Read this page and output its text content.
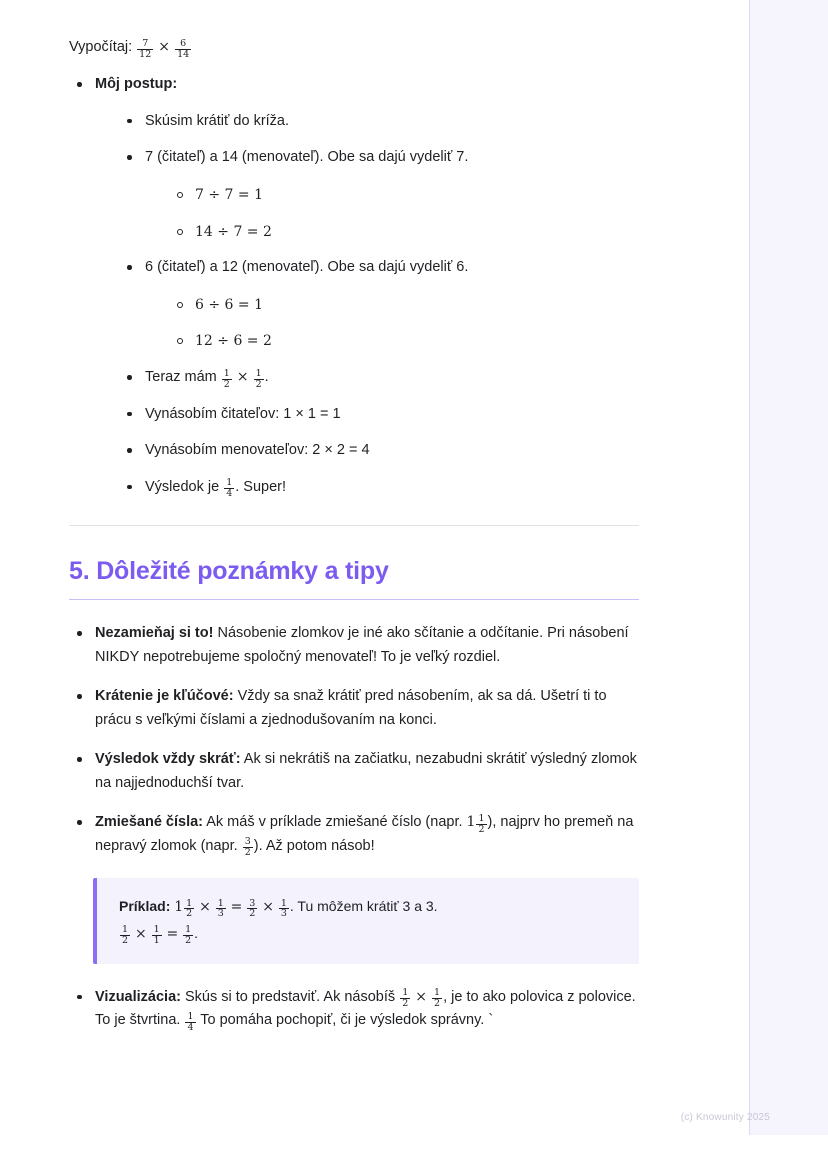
Vypočítaj: $\frac{7}{12} \times \frac{6}{14}$

Môj postup:
Skúsim krátiť do kríža.
7 (čitateľ) a 14 (menovateľ). Obe sa dajú vydeliť 7.
7 ÷ 7 = 1
14 ÷ 7 = 2
6 (čitateľ) a 12 (menovateľ). Obe sa dajú vydeliť 6.
6 ÷ 6 = 1
12 ÷ 6 = 2
Teraz mám $\frac{1}{2} \times \frac{1}{2}$ .
Vynásobím čitateľov: 1 × 1 = 1
Vynásobím menovateľov: 2 × 2 = 4
Výsledok je $\frac{1}{4}$ . Super!
5. Dôležité poznámky a tipy
Nezamieňaj si to! Násobenie zlomkov je iné ako sčítanie a odčítanie. Pri násobení NIKDY nepotrebujeme spoločný menovateľ! To je veľký rozdiel.
Krátenie je kľúčové: Vždy sa snaž krátiť pred násobením, ak sa dá. Ušetrí ti to prácu s veľkými číslami a zjednodušovaním na konci.
Výsledok vždy skráť: Ak si nekrátiš na začiatku, nezabudni skrátiť výsledný zlomok na najjednoduchší tvar.
Zmiešané čísla: Ak máš v príklade zmiešané číslo (napr. $1 \frac{1}{2}$ ), najprv ho premeň na nepravý zlomok (napr. $\frac{3}{2}$ ). Až potom násob!
Príklad: $1 \frac{1}{2} \times \frac{1}{3} = \frac{3}{2} \times \frac{1}{3}$ . Tu môžem krátiť 3 a 3.
$\frac{1}{2} \times \frac{1}{1} = \frac{1}{2}$ .
Vizualizácia: Skús si to predstaviť. Ak násobíš $\frac{1}{2} \times \frac{1}{2}$ , je to ako polovica z polovice. To je štvrtina. $\frac{1}{4}$ To pomáha pochopiť, či je výsledok správny. `
(c) Knowunity 2025
